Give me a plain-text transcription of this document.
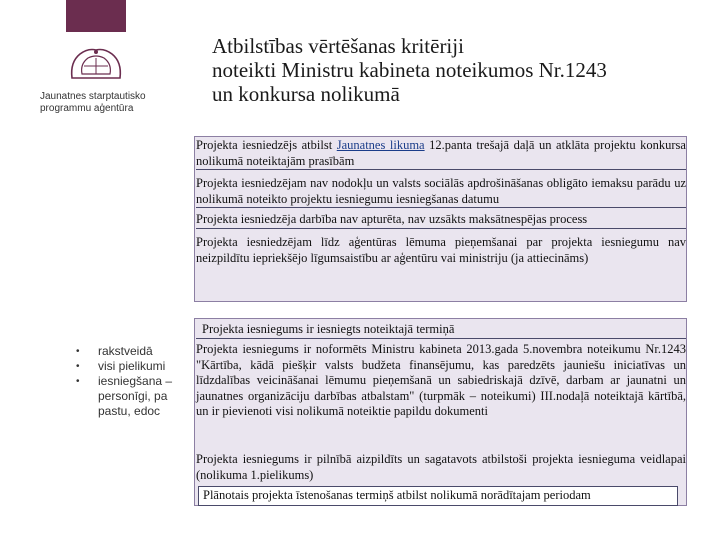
Jaunatnes starptautisko
programmu aģentūra
Atbilstības vērtēšanas kritēriji
noteikti Ministru kabineta noteikumos Nr.1243
un konkursa nolikumā

Projekta iesniedzējs atbilst Jaunatnes likuma 12.panta trešajā daļā un atklāta projektu konkursa nolikumā noteiktajām prasībām

Projekta iesniedzējam nav nodokļu un valsts sociālās apdrošināšanas obligāto iemaksu parādu uz nolikumā noteikto projektu iesniegumu iesniegšanas datumu

Projekta iesniedzēja darbība nav apturēta, nav uzsākts maksātnespējas process

Projekta iesniedzējam līdz aģentūras lēmuma pieņemšanai par projekta iesniegumu nav neizpildītu iepriekšējo līgumsaistību ar aģentūru vai ministriju (ja attiecināms)

• rakstveidā
• visi pielikumi
• iesniegšana – personīgi, pa pastu, edoc

Projekta iesniegums ir iesniegts noteiktajā termiņā

Projekta iesniegums ir noformēts Ministru kabineta 2013.gada 5.novembra noteikumu Nr.1243 "Kārtība, kādā piešķir valsts budžeta finansējumu, kas paredzēts jauniešu iniciatīvas un līdzdalības veicināšanai lēmumu pieņemšanā un sabiedriskajā dzīvē, darbam ar jaunatni un jaunatnes organizāciju darbības atbalstam" (turpmāk – noteikumi) III.nodaļā noteiktajā kārtībā, un ir pievienoti visi nolikumā noteiktie papildu dokumenti

Projekta iesniegums ir pilnībā aizpildīts un sagatavots atbilstoši projekta iesnieguma veidlapai (nolikuma 1.pielikums)

Plānotais projekta īstenošanas termiņš atbilst nolikumā norādītajam periodam
